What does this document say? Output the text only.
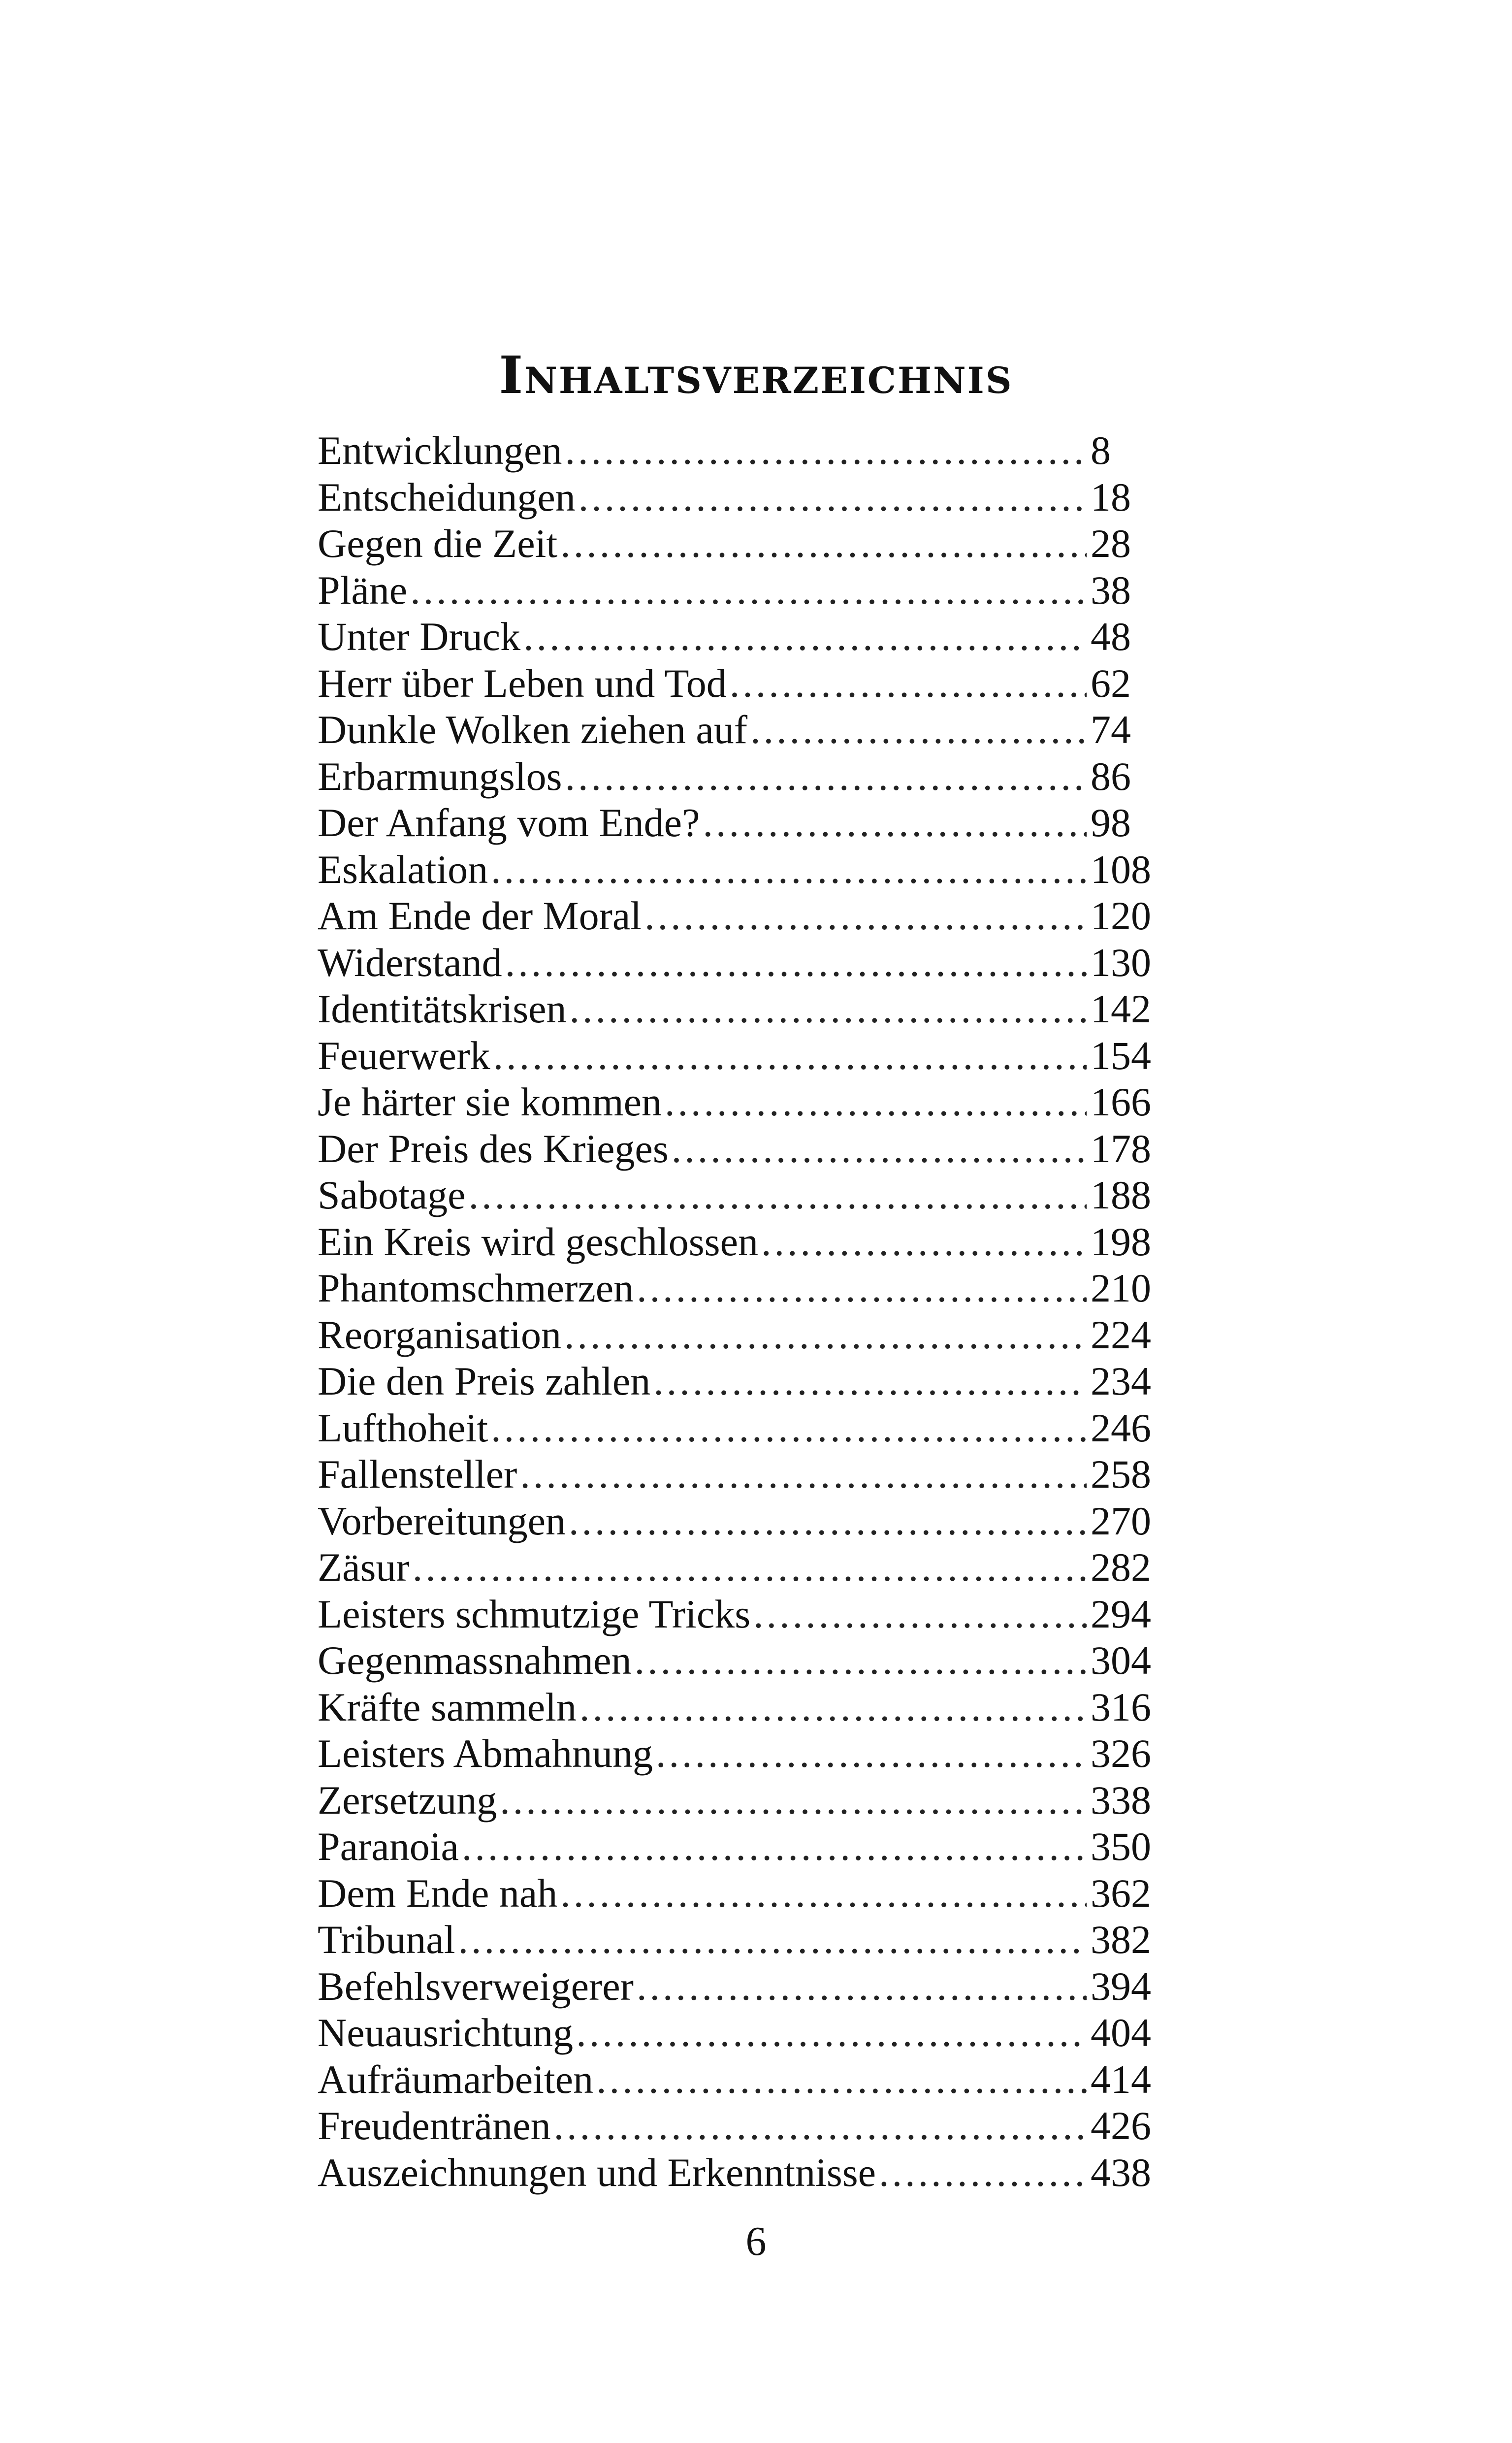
Inhaltsverzeichnis
Entwicklungen .....	8
Entscheidungen .....	18
Gegen die Zeit .....	28
Pläne .....	38
Unter Druck .....	48
Herr über Leben und Tod .....	62
Dunkle Wolken ziehen auf .....	74
Erbarmungslos .....	86
Der Anfang vom Ende? .....	98
Eskalation .....	108
Am Ende der Moral .....	120
Widerstand .....	130
Identitätskrisen .....	142
Feuerwerk .....	154
Je härter sie kommen .....	166
Der Preis des Krieges .....	178
Sabotage .....	188
Ein Kreis wird geschlossen .....	198
Phantomschmerzen .....	210
Reorganisation .....	224
Die den Preis zahlen .....	234
Lufthoheit .....	246
Fallensteller .....	258
Vorbereitungen .....	270
Zäsur .....	282
Leisters schmutzige Tricks .....	294
Gegenmassnahmen .....	304
Kräfte sammeln .....	316
Leisters Abmahnung .....	326
Zersetzung .....	338
Paranoia .....	350
Dem Ende nah .....	362
Tribunal .....	382
Befehlsverweigerer .....	394
Neuausrichtung .....	404
Aufräumarbeiten .....	414
Freudentränen .....	426
Auszeichnungen und Erkenntnisse .....	438
6
